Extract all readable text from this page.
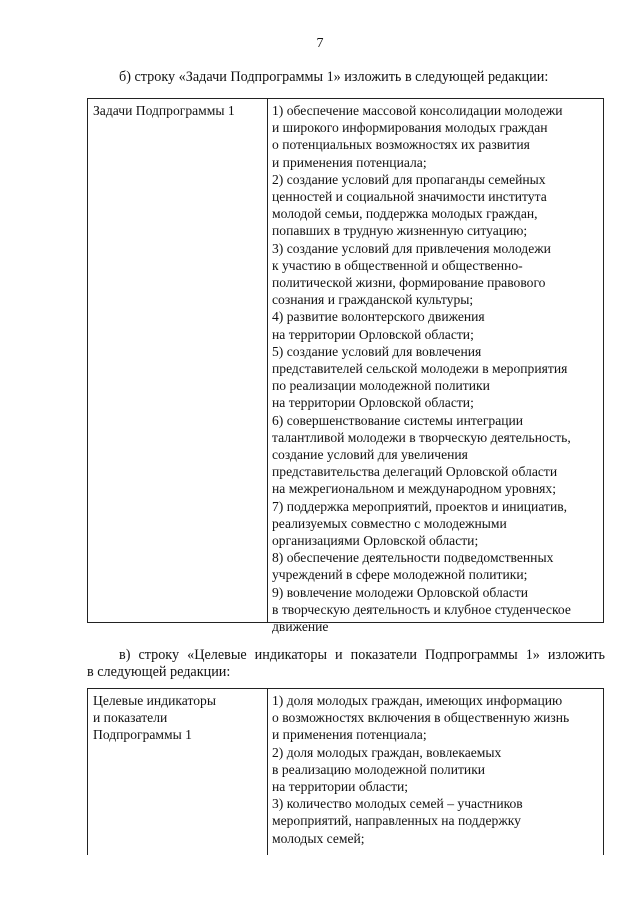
7
б) строку «Задачи Подпрограммы 1» изложить в следующей редакции:
Задачи Подпрограммы 1	1) обеспечение массовой консолидации молодежи
и широкого информирования молодых граждан
о потенциальных возможностях их развития
и применения потенциала;
2) создание условий для пропаганды семейных
ценностей и социальной значимости института
молодой семьи, поддержка молодых граждан,
попавших в трудную жизненную ситуацию;
3) создание условий для привлечения молодежи
к участию в общественной и общественно-
политической жизни, формирование правового
сознания и гражданской культуры;
4) развитие волонтерского движения
на территории Орловской области;
5) создание условий для вовлечения
представителей сельской молодежи в мероприятия
по реализации молодежной политики
на территории Орловской области;
6) совершенствование системы интеграции
талантливой молодежи в творческую деятельность,
создание условий для увеличения
представительства делегаций Орловской области
на межрегиональном и международном уровнях;
7) поддержка мероприятий, проектов и инициатив,
реализуемых совместно с молодежными
организациями Орловской области;
8) обеспечение деятельности подведомственных
учреждений в сфере молодежной политики;
9) вовлечение молодежи Орловской области
в творческую деятельность и клубное студенческое
движение
в) строку «Целевые индикаторы и показатели Подпрограммы 1» изложить
в следующей редакции:
Целевые индикаторы
и показатели
Подпрограммы 1
1) доля молодых граждан, имеющих информацию
о возможностях включения в общественную жизнь
и применения потенциала;
2) доля молодых граждан, вовлекаемых
в реализацию молодежной политики
на территории области;
3) количество молодых семей – участников
мероприятий, направленных на поддержку
молодых семей;
